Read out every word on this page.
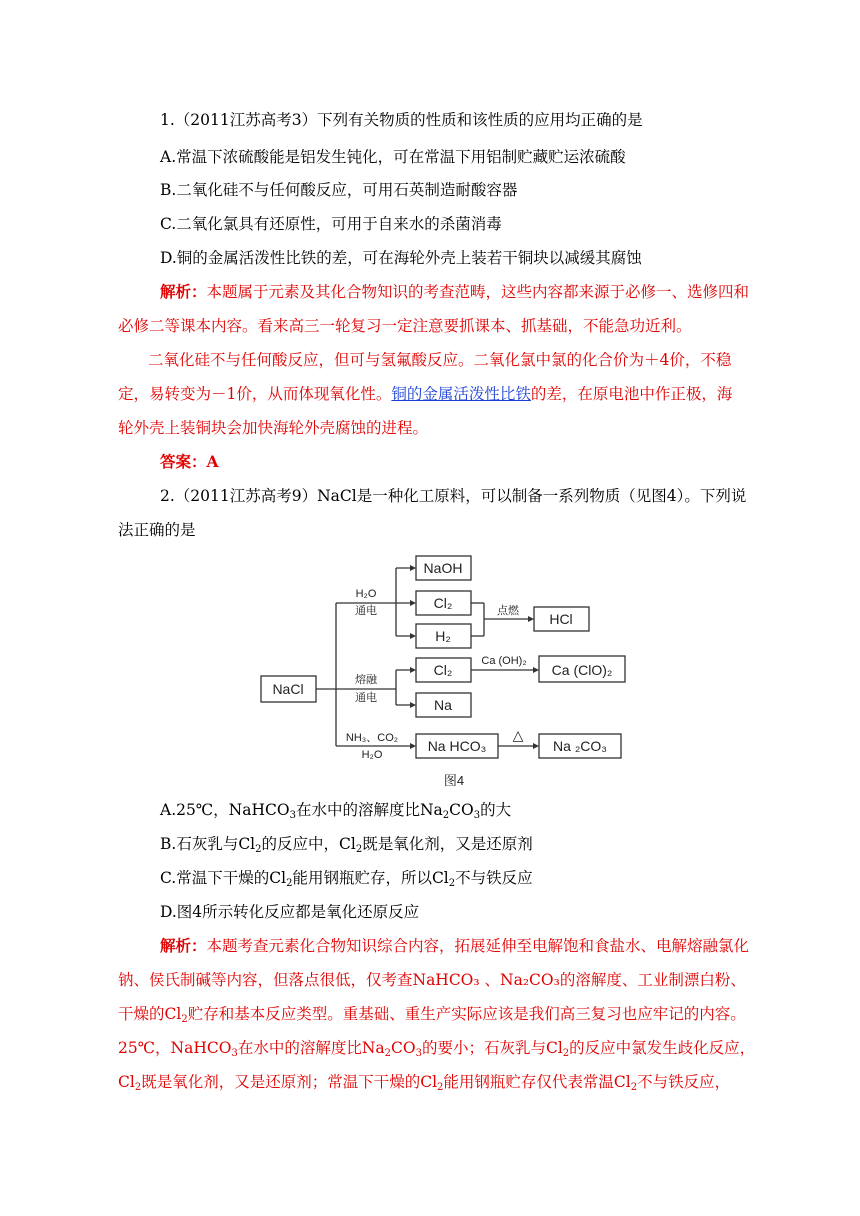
1.（2011江苏高考3）下列有关物质的性质和该性质的应用均正确的是
A.常温下浓硫酸能是铝发生钝化，可在常温下用铝制贮藏贮运浓硫酸
B.二氧化硅不与任何酸反应，可用石英制造耐酸容器
C.二氧化氯具有还原性，可用于自来水的杀菌消毒
D.铜的金属活泼性比铁的差，可在海轮外壳上装若干铜块以减缓其腐蚀
解析：本题属于元素及其化合物知识的考查范畴，这些内容都来源于必修一、选修四和
必修二等课本内容。看来高三一轮复习一定注意要抓课本、抓基础，不能急功近利。
二氧化硅不与任何酸反应，但可与氢氟酸反应。二氧化氯中氯的化合价为＋4价，不稳
定，易转变为－1价，从而体现氧化性。铜的金属活泼性比铁的差，在原电池中作正极，海
轮外壳上装铜块会加快海轮外壳腐蚀的进程。
答案：A
2.（2011江苏高考9）NaCl是一种化工原料，可以制备一系列物质（见图4）。下列说
法正确的是
NaCl
NaOH
Cl₂
H₂
HCl
Cl₂	Ca (ClO)₂
Na
Na HCO₃	Na ₂CO₃
H₂O
通电	点燃
熔融
通电
Ca (OH)₂
NH₃、CO₂
H₂O
△
图4
A.25℃，NaHCO$_3$在水中的溶解度比$Na_2CO_3$的大
B.石灰乳与$Cl_2$的反应中，$Cl_2$既是氧化剂，又是还原剂
C.常温下干燥的$Cl_2$能用钢瓶贮存，所以$Cl_2$不与铁反应
D.图4所示转化反应都是氧化还原反应
解析：本题考查元素化合物知识综合内容，拓展延伸至电解饱和食盐水、电解熔融氯化
钠、侯氏制碱等内容，但落点很低，仅考查NaHCO₃ 、Na₂CO₃的溶解度、工业制漂白粉、
干燥的$Cl_2$贮存和基本反应类型。重基础、重生产实际应该是我们高三复习也应牢记的内容。
25℃，NaHCO$_3$在水中的溶解度比$Na_2CO_3$的要小；石灰乳与$Cl_2$的反应中氯发生歧化反应，
$Cl_2$既是氧化剂，又是还原剂；常温下干燥的$Cl_2$能用钢瓶贮存仅代表常温$Cl_2$不与铁反应，
